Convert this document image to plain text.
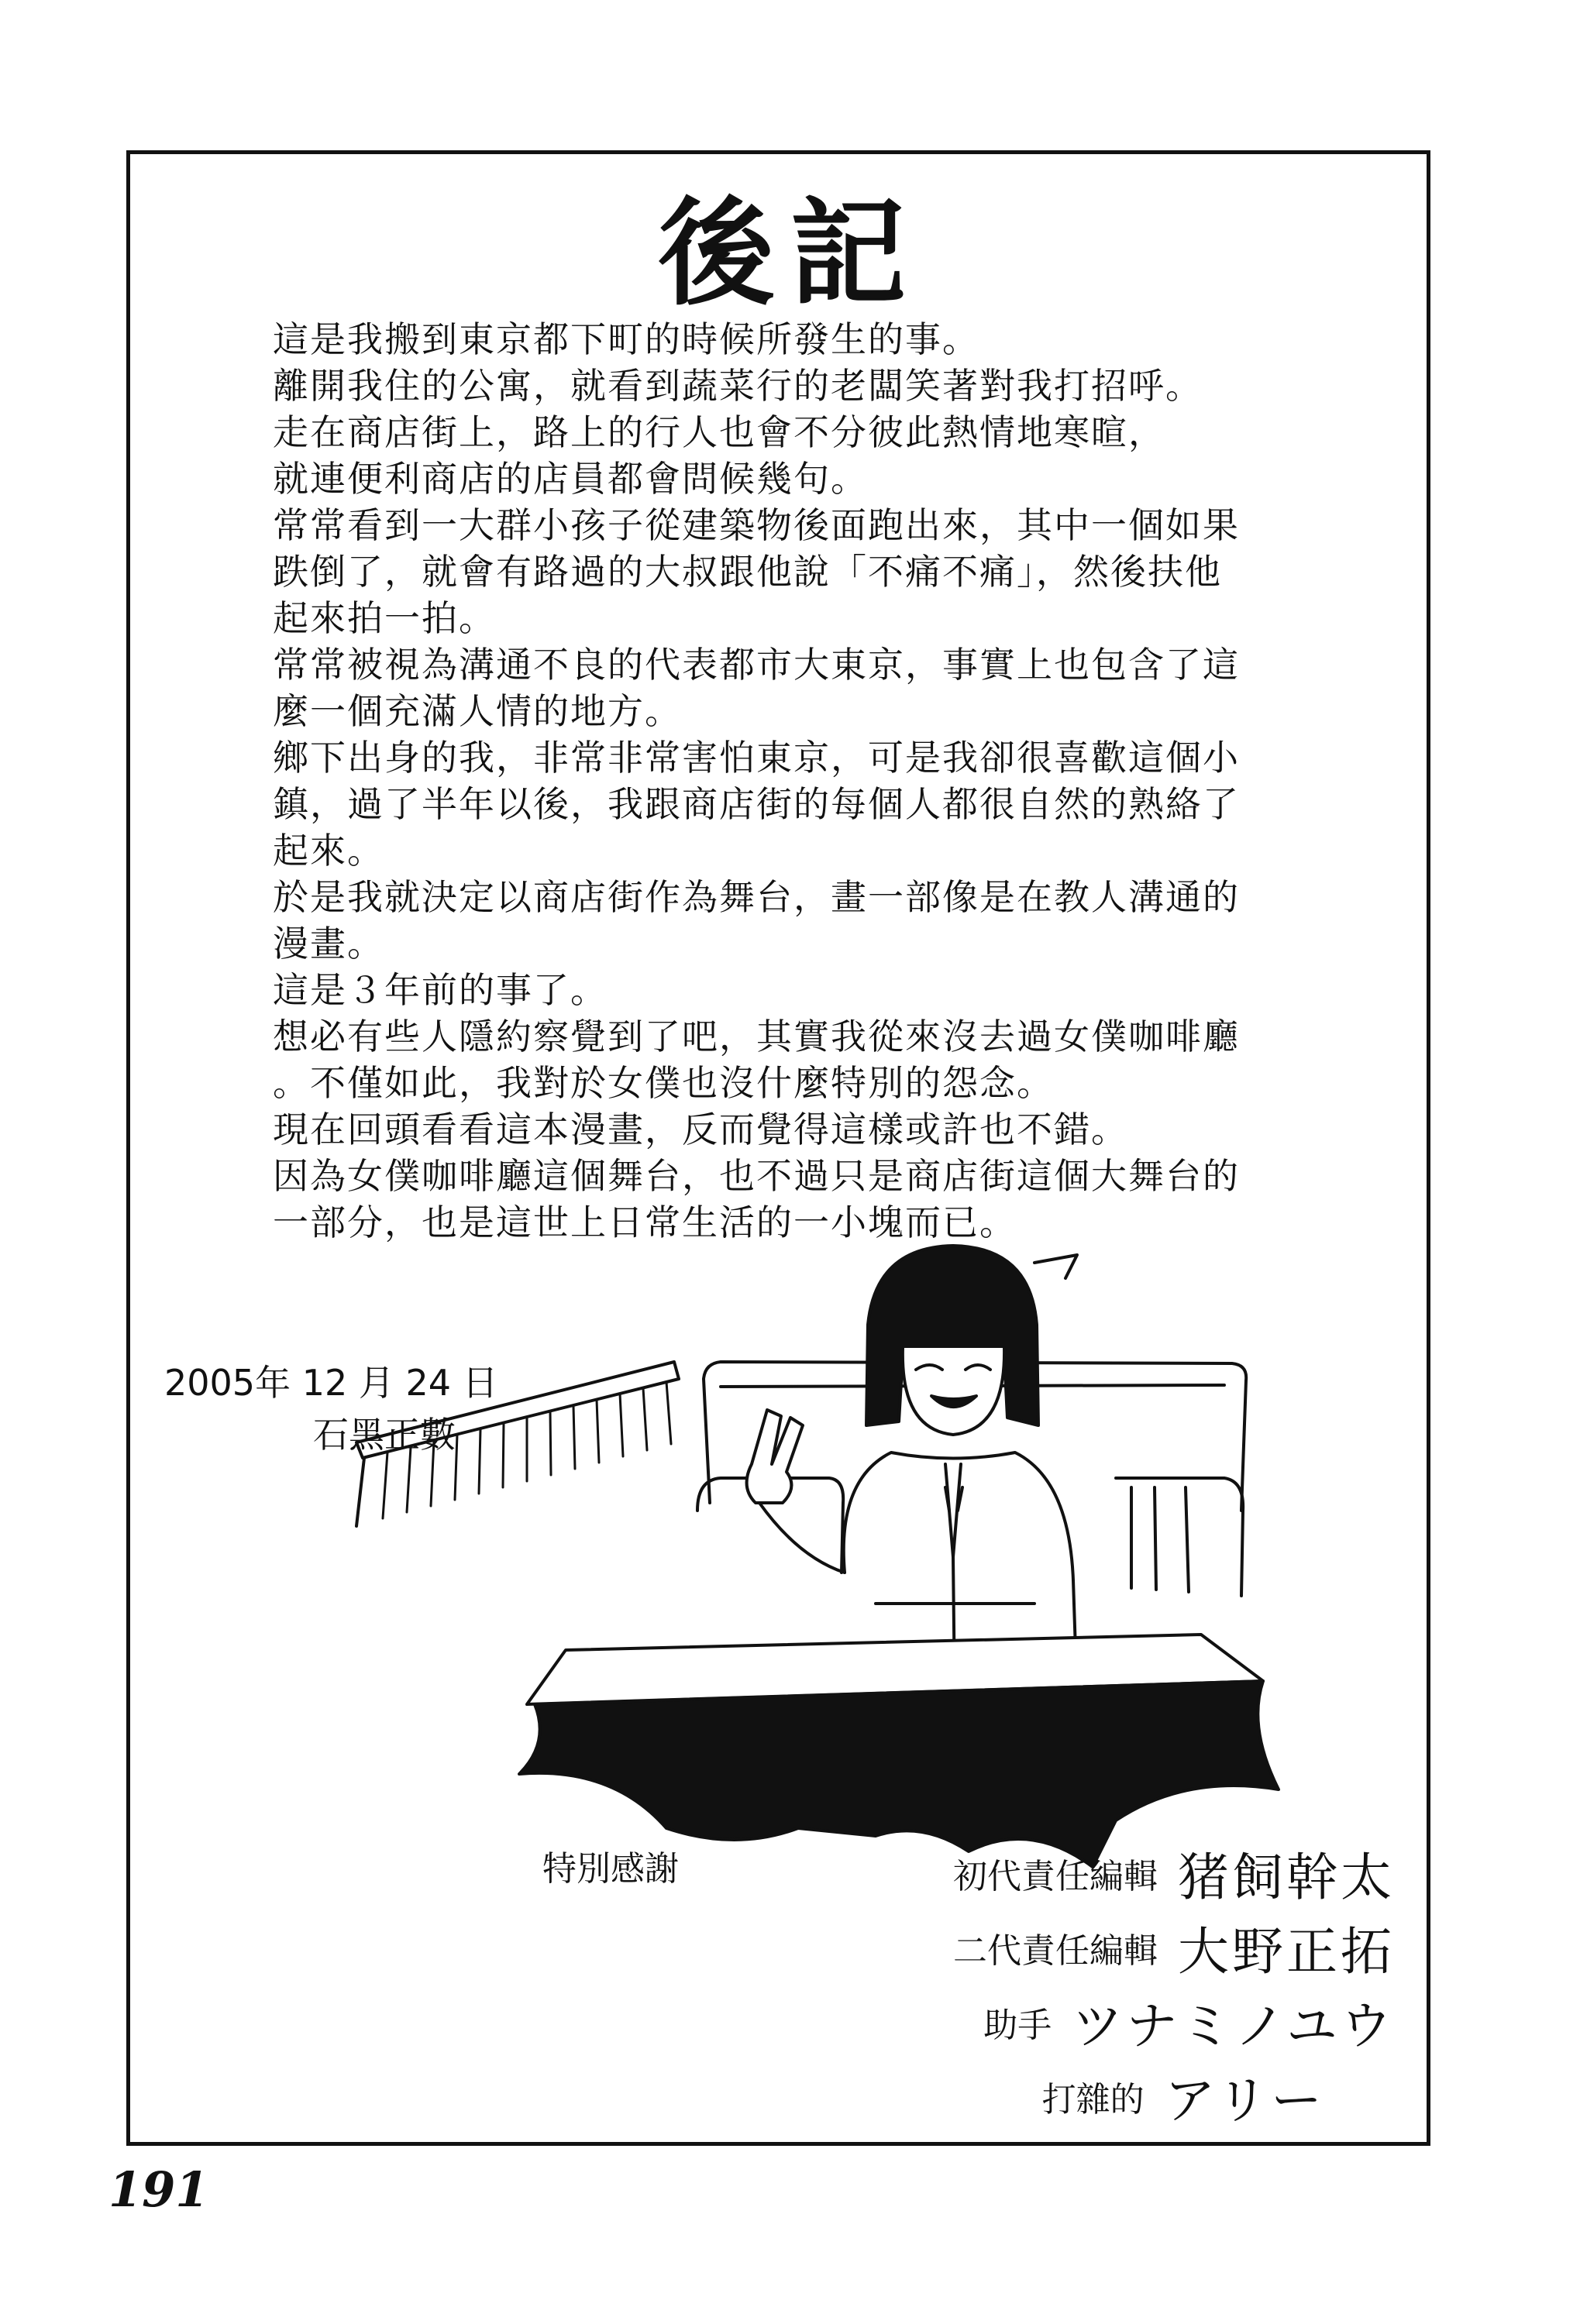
後記
這是我搬到東京都下町的時候所發生的事。
離開我住的公寓，就看到蔬菜行的老闆笑著對我打招呼。
走在商店街上，路上的行人也會不分彼此熱情地寒暄，
就連便利商店的店員都會問候幾句。
常常看到一大群小孩子從建築物後面跑出來，其中一個如果
跌倒了，就會有路過的大叔跟他說「不痛不痛」，然後扶他
起來拍一拍。
常常被視為溝通不良的代表都市大東京，事實上也包含了這
麼一個充滿人情的地方。
鄉下出身的我，非常非常害怕東京，可是我卻很喜歡這個小
鎮，過了半年以後，我跟商店街的每個人都很自然的熟絡了
起來。
於是我就決定以商店街作為舞台，畫一部像是在教人溝通的
漫畫。
這是３年前的事了。
想必有些人隱約察覺到了吧，其實我從來沒去過女僕咖啡廳
。不僅如此，我對於女僕也沒什麼特別的怨念。
現在回頭看看這本漫畫，反而覺得這樣或許也不錯。
因為女僕咖啡廳這個舞台，也不過只是商店街這個大舞台的
一部分，也是這世上日常生活的一小塊而已。
2005年 12 月 24 日
石黑正數
特別感謝	初代責任編輯 猪飼幹太
二代責任編輯 大野正拓
助手 ツナミノユウ
打雜的 アリー
191
